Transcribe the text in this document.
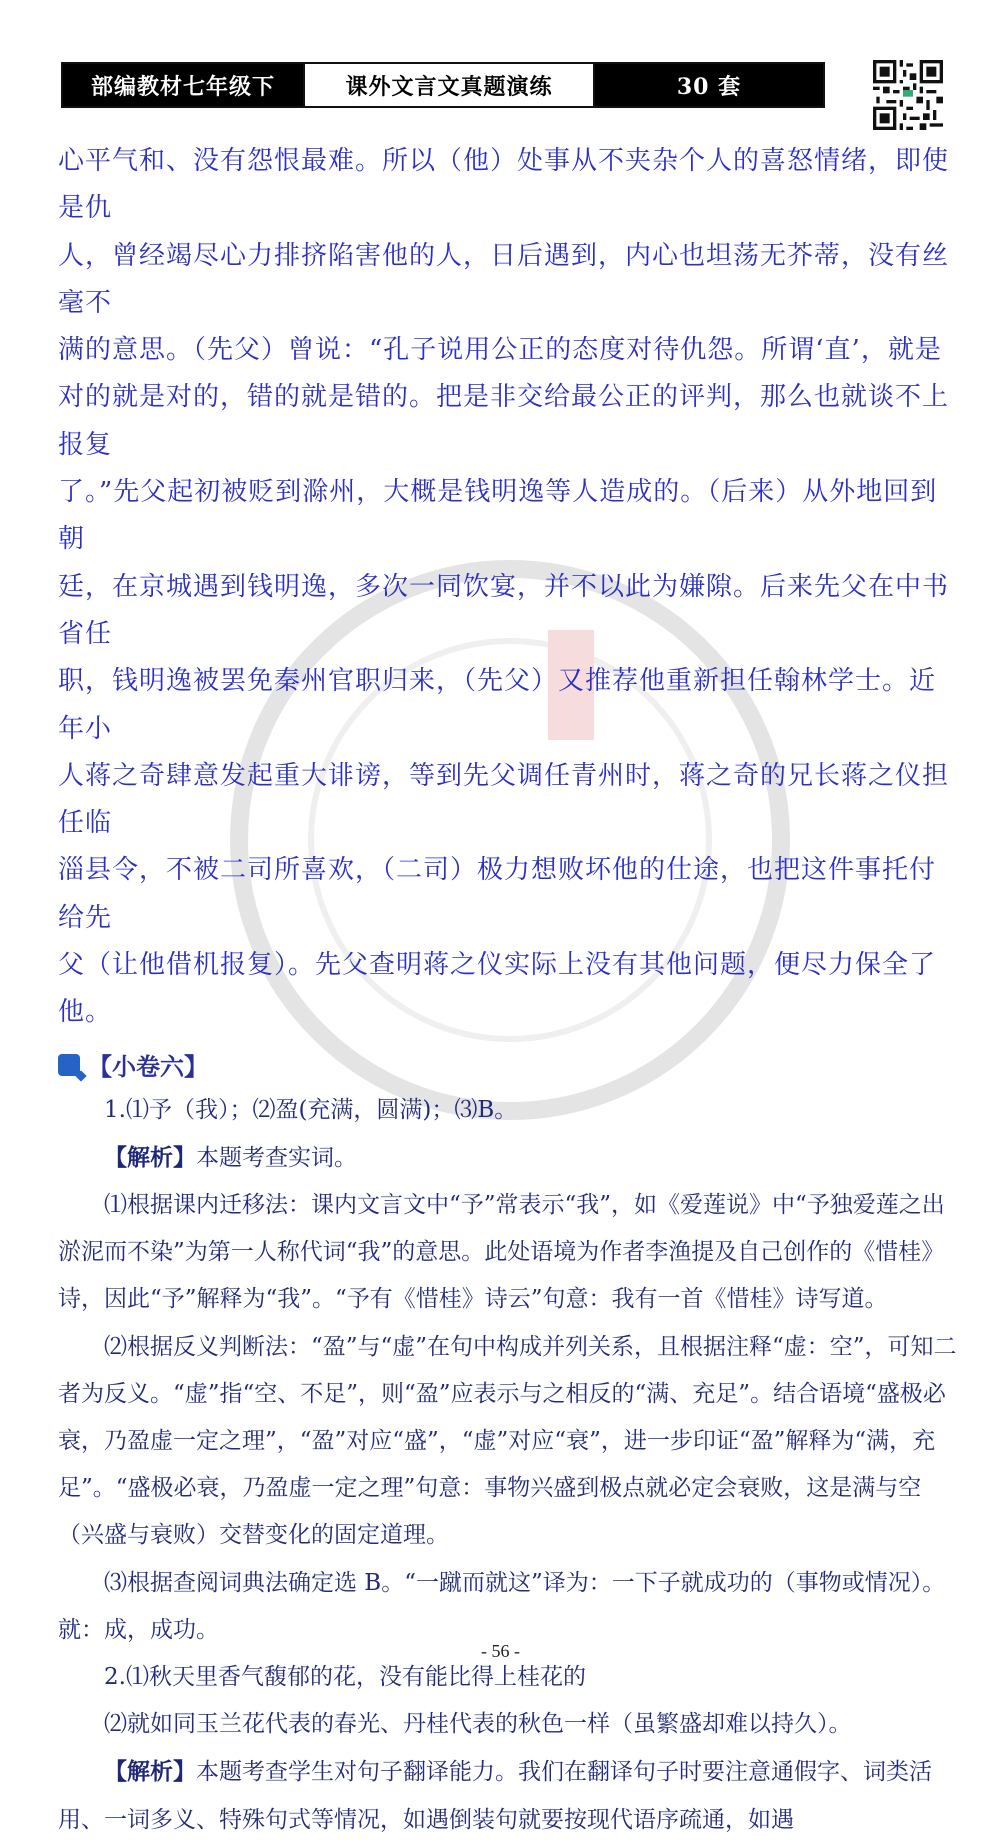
部编教材七年级下	课外文言文真题演练	30 套

心平气和、没有怨恨最难。所以（他）处事从不夹杂个人的喜怒情绪，即使是仇

人，曾经竭尽心力排挤陷害他的人，日后遇到，内心也坦荡无芥蒂，没有丝毫不

满的意思。（先父）曾说：“孔子说用公正的态度对待仇怨。所谓‘直’，就是

对的就是对的，错的就是错的。把是非交给最公正的评判，那么也就谈不上报复

了。”先父起初被贬到滁州，大概是钱明逸等人造成的。（后来）从外地回到朝

廷，在京城遇到钱明逸，多次一同饮宴，并不以此为嫌隙。后来先父在中书省任

职，钱明逸被罢免秦州官职归来，（先父）又推荐他重新担任翰林学士。近年小

人蒋之奇肆意发起重大诽谤，等到先父调任青州时，蒋之奇的兄长蒋之仪担任临

淄县令，不被二司所喜欢，（二司）极力想败坏他的仕途，也把这件事托付给先

父（让他借机报复）。先父查明蒋之仪实际上没有其他问题，便尽力保全了他。

【小卷六】

1.⑴予（我）；⑵盈(充满，圆满)；⑶B。

【解析】本题考查实词。

⑴根据课内迁移法：课内文言文中“予”常表示“我”，如《爱莲说》中“予独爱莲之出淤泥而不染”为第一人称代词“我”的意思。此处语境为作者李渔提及自己创作的《惜桂》诗，因此“予”解释为“我”。“予有《惜桂》诗云”句意：我有一首《惜桂》诗写道。

⑵根据反义判断法：“盈”与“虚”在句中构成并列关系，且根据注释“虚：空”，可知二者为反义。“虚”指“空、不足”，则“盈”应表示与之相反的“满、充足”。结合语境“盛极必衰，乃盈虚一定之理”，“盈”对应“盛”，“虚”对应“衰”，进一步印证“盈”解释为“满，充足”。“盛极必衰，乃盈虚一定之理”句意：事物兴盛到极点就必定会衰败，这是满与空（兴盛与衰败）交替变化的固定道理。

⑶根据查阅词典法确定选 B。“一蹴而就这”译为：一下子就成功的（事物或情况）。就：成，成功。

2.⑴秋天里香气馥郁的花，没有能比得上桂花的

⑵就如同玉兰花代表的春光、丹桂代表的秋色一样（虽繁盛却难以持久）。

【解析】本题考查学生对句子翻译能力。我们在翻译句子时要注意通假字、词类活用、一词多义、特殊句式等情况，如遇倒装句就要按现代语序疏通，如遇

- 56 -
